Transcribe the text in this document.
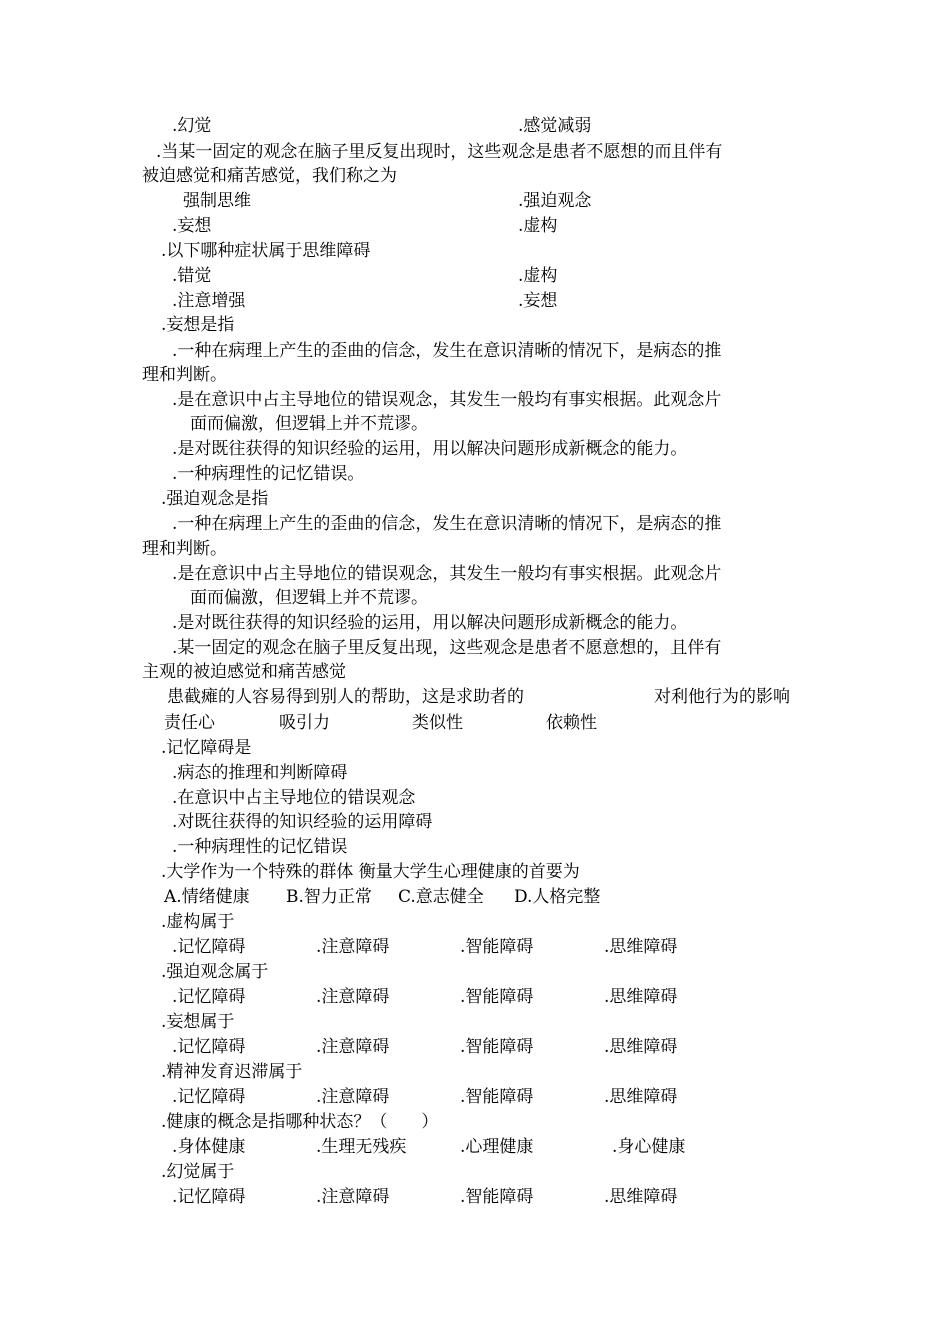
.幻觉	.感觉减弱
.当某一固定的观念在脑子里反复出现时，这些观念是患者不愿想的而且伴有
被迫感觉和痛苦感觉，我们称之为
强制思维	.强迫观念
.妄想	.虚构
.以下哪种症状属于思维障碍
.错觉	.虚构
.注意增强	.妄想
.妄想是指
.一种在病理上产生的歪曲的信念，发生在意识清晰的情况下，是病态的推
理和判断。
.是在意识中占主导地位的错误观念，其发生一般均有事实根据。此观念片
面而偏激，但逻辑上并不荒谬。
.是对既往获得的知识经验的运用，用以解决问题形成新概念的能力。
.一种病理性的记忆错误。
.强迫观念是指
.一种在病理上产生的歪曲的信念，发生在意识清晰的情况下，是病态的推
理和判断。
.是在意识中占主导地位的错误观念，其发生一般均有事实根据。此观念片
面而偏激，但逻辑上并不荒谬。
.是对既往获得的知识经验的运用，用以解决问题形成新概念的能力。
.某一固定的观念在脑子里反复出现，这些观念是患者不愿意想的，且伴有
主观的被迫感觉和痛苦感觉
患截瘫的人容易得到别人的帮助，这是求助者的	对利他行为的影响
责任心	吸引力	类似性	依赖性
.记忆障碍是
.病态的推理和判断障碍
.在意识中占主导地位的错误观念
.对既往获得的知识经验的运用障碍
.一种病理性的记忆错误
.大学作为一个特殊的群体 衡量大学生心理健康的首要为
A.情绪健康 B.智力正常 C.意志健全 D.人格完整
.虚构属于
.记忆障碍	.注意障碍	.智能障碍	.思维障碍
.强迫观念属于
.记忆障碍	.注意障碍	.智能障碍	.思维障碍
.妄想属于
.记忆障碍	.注意障碍	.智能障碍	.思维障碍
.精神发育迟滞属于
.记忆障碍	.注意障碍	.智能障碍	.思维障碍
.健康的概念是指哪种状态？（　　）
.身体健康	.生理无残疾	.心理健康	.身心健康
.幻觉属于
.记忆障碍	.注意障碍	.智能障碍	.思维障碍
